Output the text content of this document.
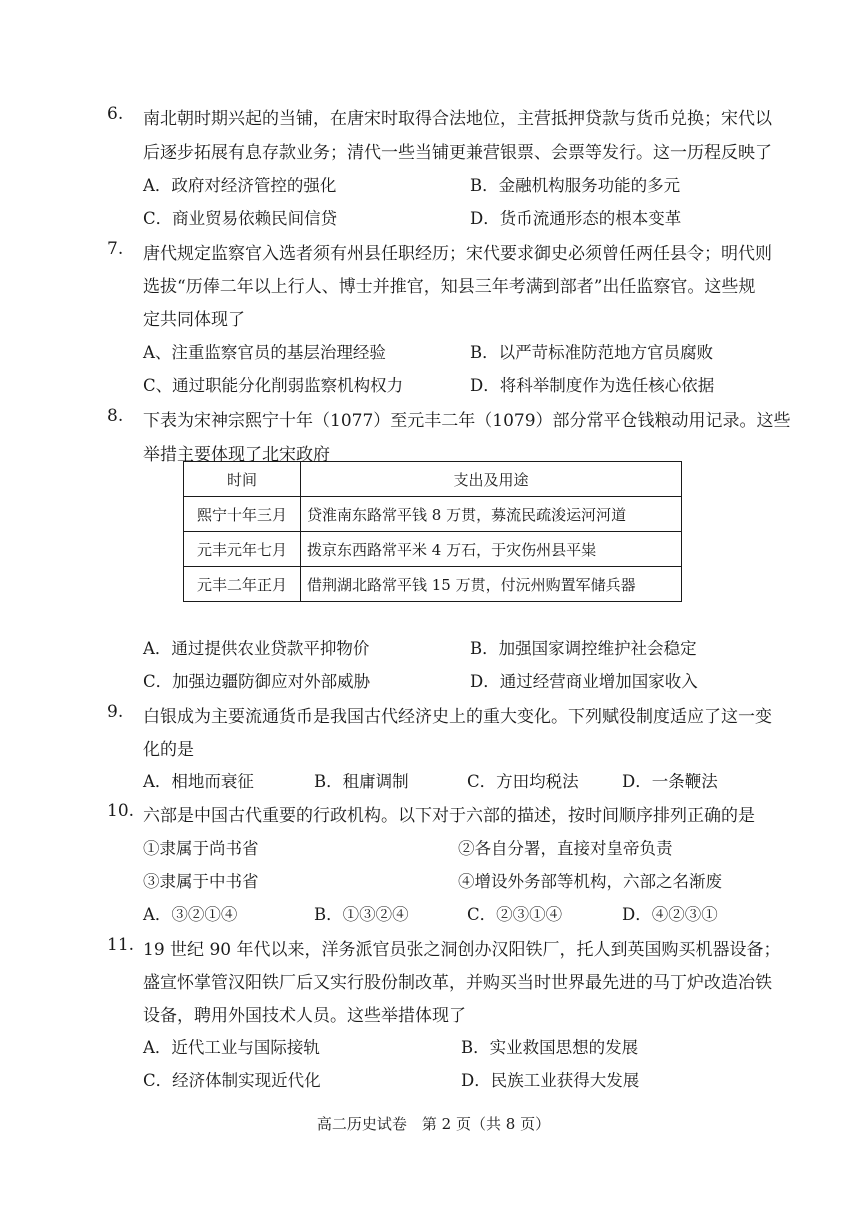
6. 南北朝时期兴起的当铺，在唐宋时取得合法地位，主营抵押贷款与货币兑换；宋代以
后逐步拓展有息存款业务；清代一些当铺更兼营银票、会票等发行。这一历程反映了
A．政府对经济管控的强化	B．金融机构服务功能的多元
C．商业贸易依赖民间信贷	D．货币流通形态的根本变革
7. 唐代规定监察官入选者须有州县任职经历；宋代要求御史必须曾任两任县令；明代则
选拔“历俸二年以上行人、博士并推官，知县三年考满到部者”出任监察官。这些规
定共同体现了
A、注重监察官员的基层治理经验	B．以严苛标准防范地方官员腐败
C、通过职能分化削弱监察机构权力	D．将科举制度作为选任核心依据
8. 下表为宋神宗熙宁十年（1077）至元丰二年（1079）部分常平仓钱粮动用记录。这些
举措主要体现了北宋政府
时间	支出及用途
熙宁十年三月	贷淮南东路常平钱 8 万贯，募流民疏浚运河河道
元丰元年七月	拨京东西路常平米 4 万石，于灾伤州县平粜
元丰二年正月	借荆湖北路常平钱 15 万贯，付沅州购置军储兵器
A．通过提供农业贷款平抑物价	B．加强国家调控维护社会稳定
C．加强边疆防御应对外部威胁	D．通过经营商业增加国家收入
9. 白银成为主要流通货币是我国古代经济史上的重大变化。下列赋役制度适应了这一变
化的是
A．相地而衰征	B．租庸调制	C．方田均税法	D．一条鞭法
10. 六部是中国古代重要的行政机构。以下对于六部的描述，按时间顺序排列正确的是
①隶属于尚书省	②各自分署，直接对皇帝负责
③隶属于中书省	④增设外务部等机构，六部之名渐废
A．③②①④	B．①③②④	C．②③①④	D．④②③①
11. 19 世纪 90 年代以来，洋务派官员张之洞创办汉阳铁厂，托人到英国购买机器设备；
盛宣怀掌管汉阳铁厂后又实行股份制改革，并购买当时世界最先进的马丁炉改造冶铁
设备，聘用外国技术人员。这些举措体现了
A．近代工业与国际接轨	B．实业救国思想的发展
C．经济体制实现近代化	D．民族工业获得大发展
高二历史试卷　第 2 页（共 8 页）
